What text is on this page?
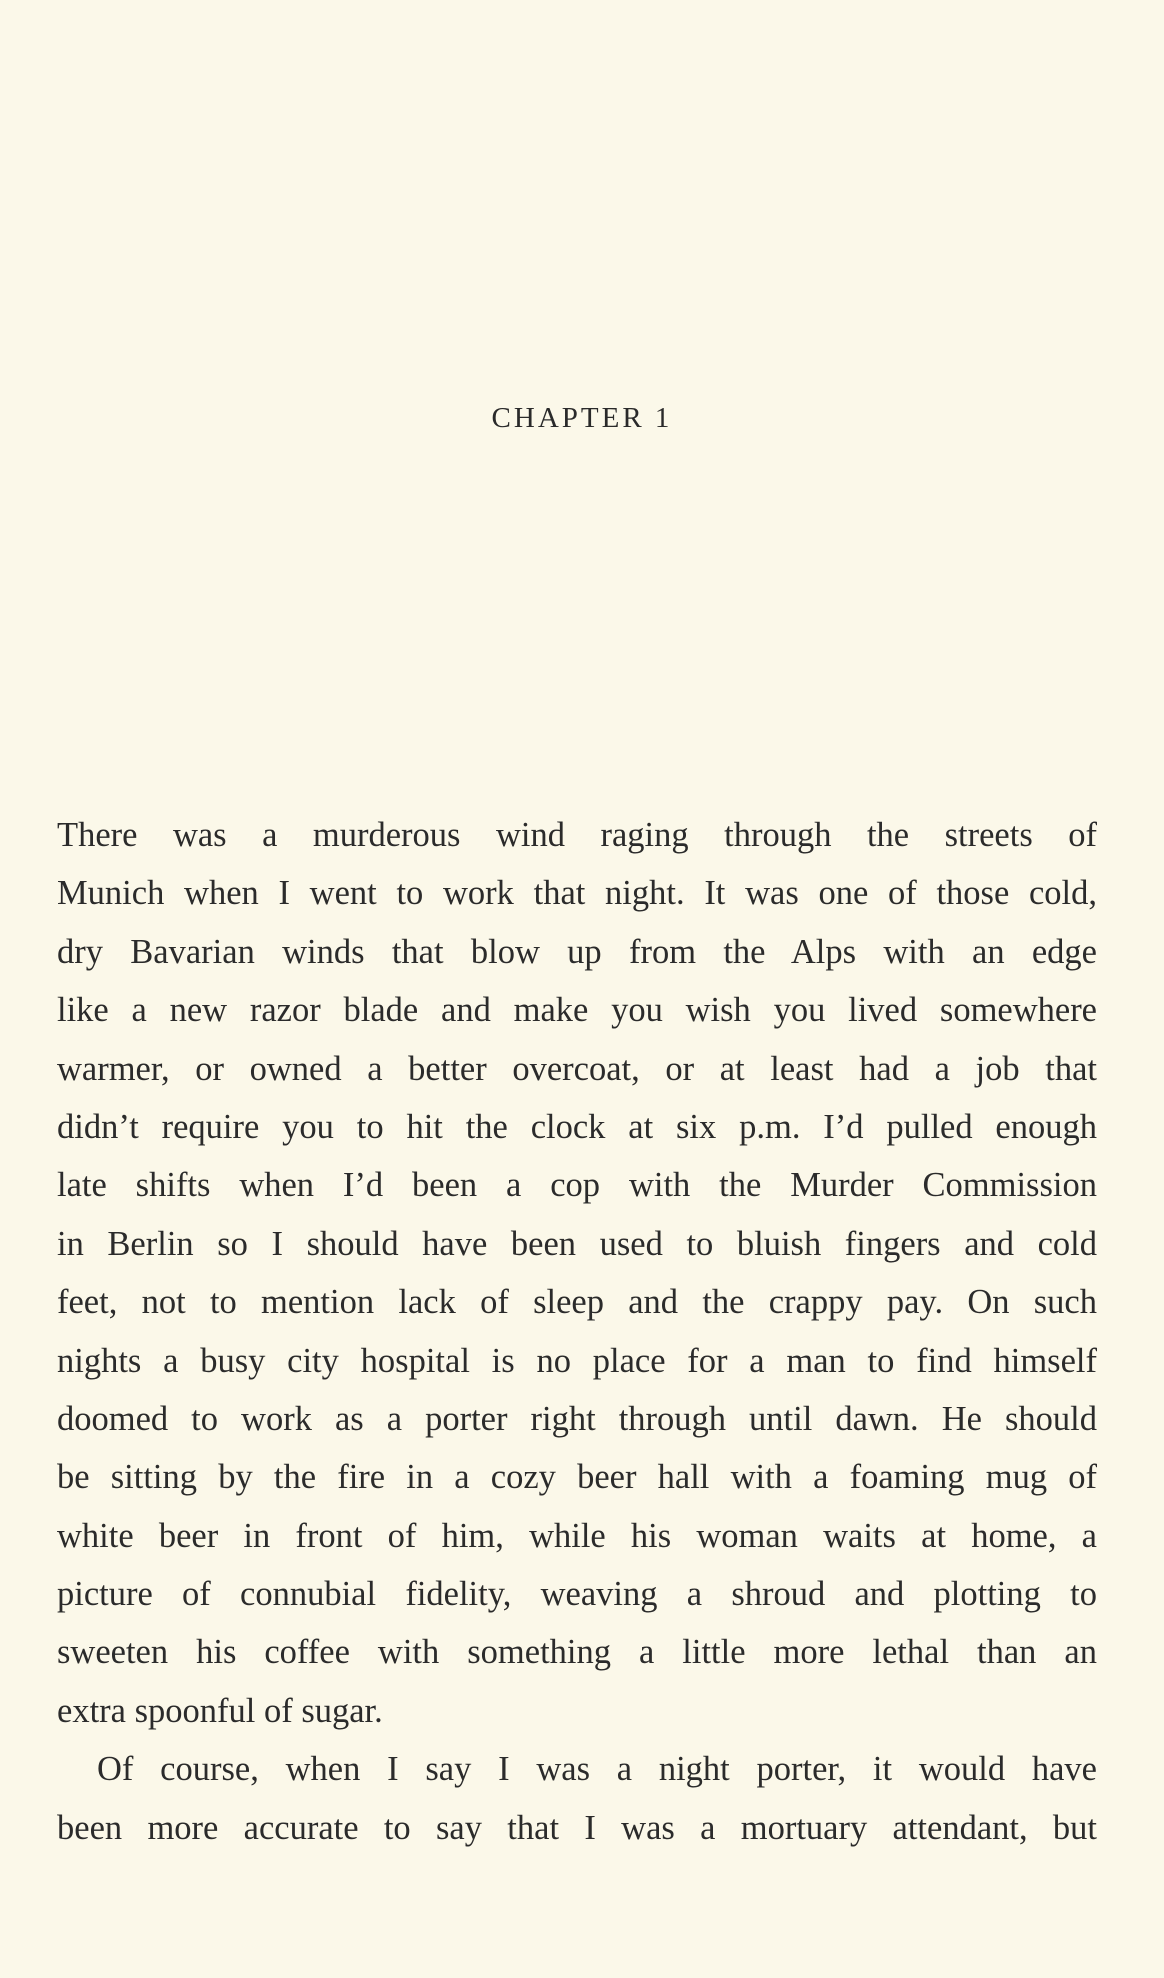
CHAPTER 1
There was a murderous wind raging through the streets of
Munich when I went to work that night. It was one of those cold,
dry Bavarian winds that blow up from the Alps with an edge
like a new razor blade and make you wish you lived somewhere
warmer, or owned a better overcoat, or at least had a job that
didn’t require you to hit the clock at six p.m. I’d pulled enough
late shifts when I’d been a cop with the Murder Commission
in Berlin so I should have been used to bluish fingers and cold
feet, not to mention lack of sleep and the crappy pay. On such
nights a busy city hospital is no place for a man to find himself
doomed to work as a porter right through until dawn. He should
be sitting by the fire in a cozy beer hall with a foaming mug of
white beer in front of him, while his woman waits at home, a
picture of connubial fidelity, weaving a shroud and plotting to
sweeten his coffee with something a little more lethal than an
extra spoonful of sugar.
Of course, when I say I was a night porter, it would have
been more accurate to say that I was a mortuary attendant, but
